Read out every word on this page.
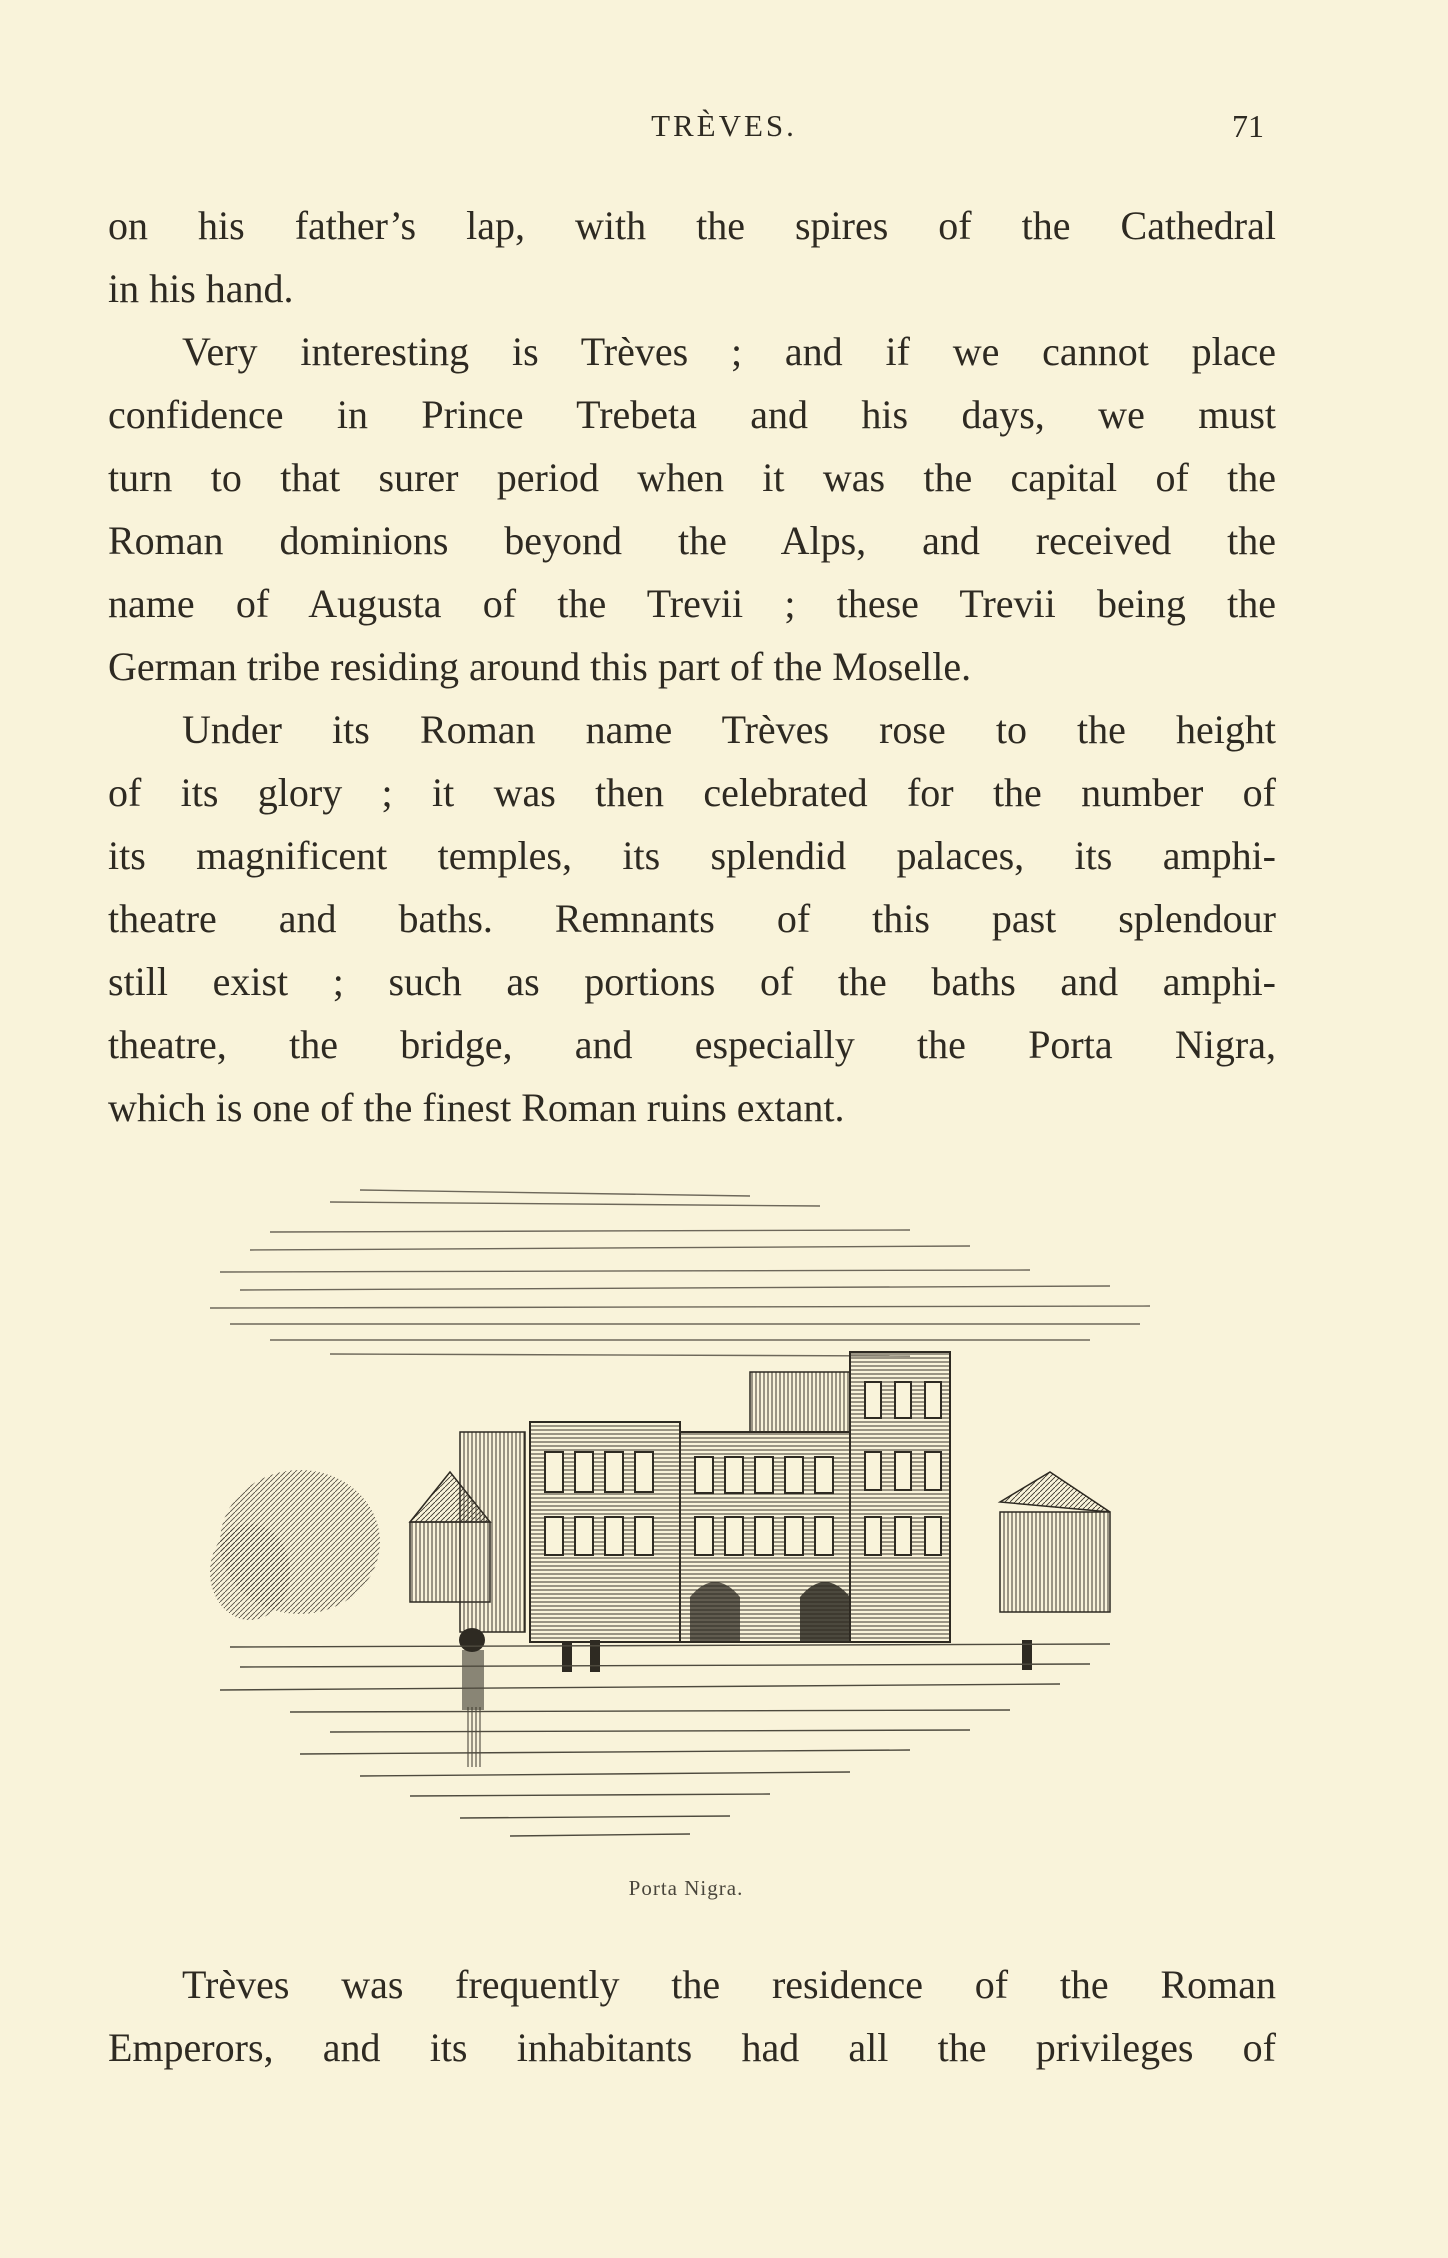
TRÈVES.	71
on his father’s lap, with the spires of the Cathedral
in his hand.
Very interesting is Trèves ; and if we cannot place
confidence in Prince Trebeta and his days, we must
turn to that surer period when it was the capital of the
Roman dominions beyond the Alps, and received the
name of Augusta of the Trevii ; these Trevii being the
German tribe residing around this part of the Moselle.
Under its Roman name Trèves rose to the height
of its glory ; it was then celebrated for the number of
its magnificent temples, its splendid palaces, its amphi-
theatre and baths. Remnants of this past splendour
still exist ; such as portions of the baths and amphi-
theatre, the bridge, and especially the Porta Nigra,
which is one of the finest Roman ruins extant.
Porta Nigra.
Trèves was frequently the residence of the Roman
Emperors, and its inhabitants had all the privileges of
